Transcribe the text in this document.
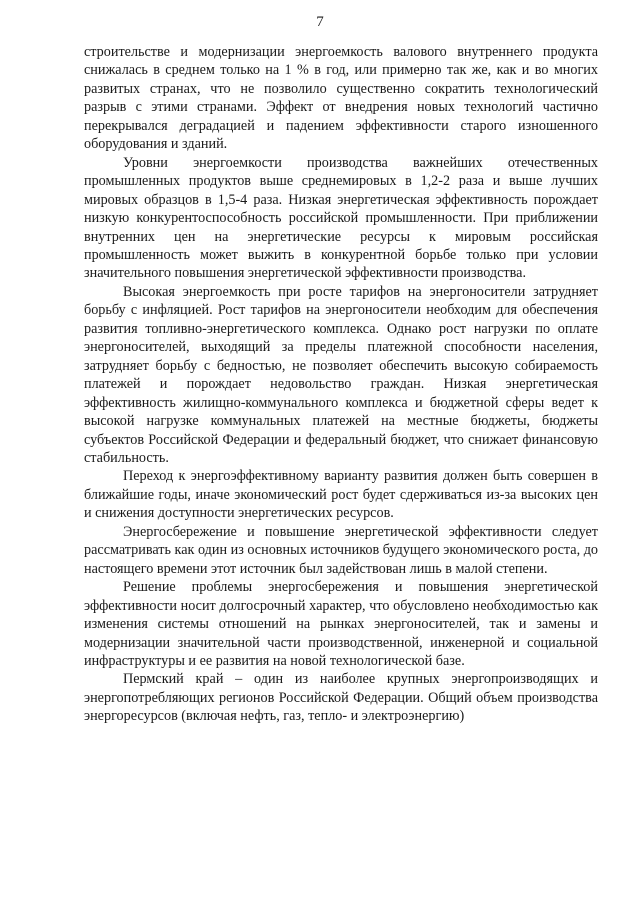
7

строительстве и модернизации энергоемкость валового внутреннего продукта снижалась в среднем только на 1 % в год, или примерно так же, как и во многих развитых странах, что не позволило существенно сократить технологический разрыв с этими странами. Эффект от внедрения новых технологий частично перекрывался деградацией и падением эффективности старого изношенного оборудования и зданий.

Уровни энергоемкости производства важнейших отечественных промышленных продуктов выше среднемировых в 1,2-2 раза и выше лучших мировых образцов в 1,5-4 раза. Низкая энергетическая эффективность порождает низкую конкурентоспособность российской промышленности. При приближении внутренних цен на энергетические ресурсы к мировым российская промышленность может выжить в конкурентной борьбе только при условии значительного повышения энергетической эффективности производства.

Высокая энергоемкость при росте тарифов на энергоносители затрудняет борьбу с инфляцией. Рост тарифов на энергоносители необходим для обеспечения развития топливно-энергетического комплекса. Однако рост нагрузки по оплате энергоносителей, выходящий за пределы платежной способности населения, затрудняет борьбу с бедностью, не позволяет обеспечить высокую собираемость платежей и порождает недовольство граждан. Низкая энергетическая эффективность жилищно-коммунального комплекса и бюджетной сферы ведет к высокой нагрузке коммунальных платежей на местные бюджеты, бюджеты субъектов Российской Федерации и федеральный бюджет, что снижает финансовую стабильность.

Переход к энергоэффективному варианту развития должен быть совершен в ближайшие годы, иначе экономический рост будет сдерживаться из-за высоких цен и снижения доступности энергетических ресурсов.

Энергосбережение и повышение энергетической эффективности следует рассматривать как один из основных источников будущего экономического роста, до настоящего времени этот источник был задействован лишь в малой степени.

Решение проблемы энергосбережения и повышения энергетической эффективности носит долгосрочный характер, что обусловлено необходимостью как изменения системы отношений на рынках энергоносителей, так и замены и модернизации значительной части производственной, инженерной и социальной инфраструктуры и ее развития на новой технологической базе.

Пермский край – один из наиболее крупных энергопроизводящих и энергопотребляющих регионов Российской Федерации. Общий объем производства энергоресурсов (включая нефть, газ, тепло- и электроэнергию)
